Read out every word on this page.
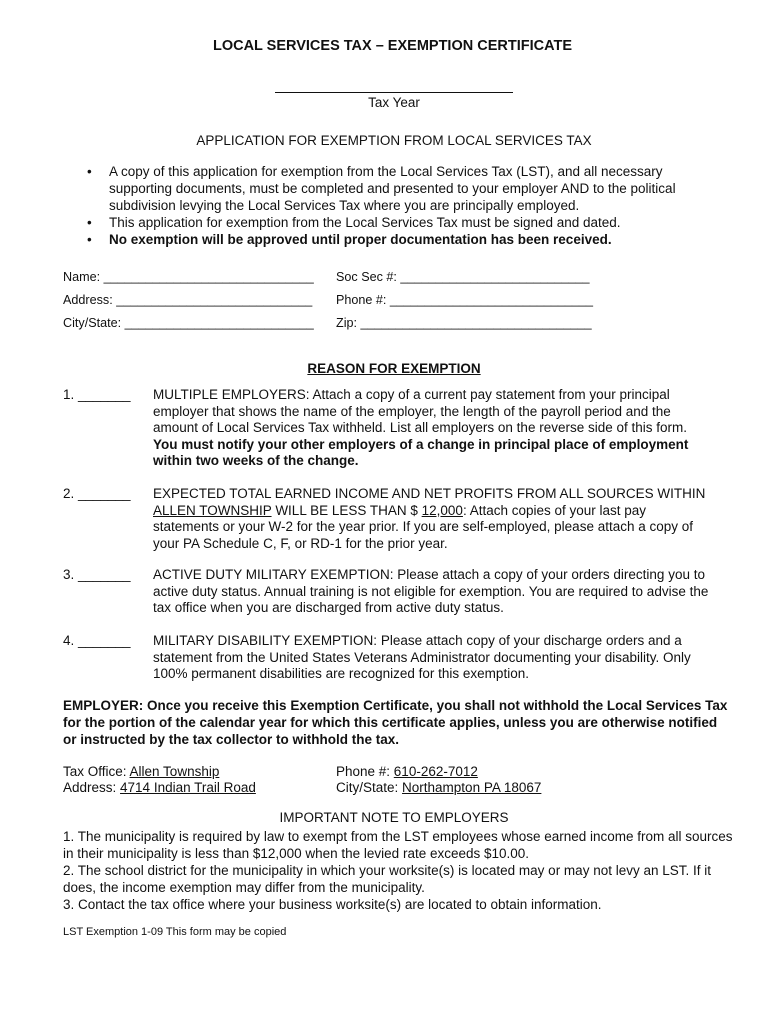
LOCAL SERVICES TAX – EXEMPTION CERTIFICATE
Tax Year
APPLICATION FOR EXEMPTION FROM LOCAL SERVICES TAX
• A copy of this application for exemption from the Local Services Tax (LST), and all necessary supporting documents, must be completed and presented to your employer AND to the political subdivision levying the Local Services Tax where you are principally employed.
• This application for exemption from the Local Services Tax must be signed and dated.
• No exemption will be approved until proper documentation has been received.
Name: ______________________________ Soc Sec #: ___________________________
Address: ____________________________ Phone #: _____________________________
City/State: ___________________________ Zip: _________________________________
REASON FOR EXEMPTION
1. _______ MULTIPLE EMPLOYERS: Attach a copy of a current pay statement from your principal employer that shows the name of the employer, the length of the payroll period and the amount of Local Services Tax withheld. List all employers on the reverse side of this form. You must notify your other employers of a change in principal place of employment within two weeks of the change.
2. _______ EXPECTED TOTAL EARNED INCOME AND NET PROFITS FROM ALL SOURCES WITHIN ALLEN TOWNSHIP WILL BE LESS THAN $ 12,000: Attach copies of your last pay statements or your W-2 for the year prior. If you are self-employed, please attach a copy of your PA Schedule C, F, or RD-1 for the prior year.
3. _______ ACTIVE DUTY MILITARY EXEMPTION: Please attach a copy of your orders directing you to active duty status. Annual training is not eligible for exemption. You are required to advise the tax office when you are discharged from active duty status.
4. _______ MILITARY DISABILITY EXEMPTION: Please attach copy of your discharge orders and a statement from the United States Veterans Administrator documenting your disability. Only 100% permanent disabilities are recognized for this exemption.
EMPLOYER: Once you receive this Exemption Certificate, you shall not withhold the Local Services Tax for the portion of the calendar year for which this certificate applies, unless you are otherwise notified or instructed by the tax collector to withhold the tax.
Tax Office: Allen Township
Address: 4714 Indian Trail Road
Phone #: 610-262-7012
City/State: Northampton PA 18067
IMPORTANT NOTE TO EMPLOYERS
1. The municipality is required by law to exempt from the LST employees whose earned income from all sources in their municipality is less than $12,000 when the levied rate exceeds $10.00.
2. The school district for the municipality in which your worksite(s) is located may or may not levy an LST. If it does, the income exemption may differ from the municipality.
3. Contact the tax office where your business worksite(s) are located to obtain information.
LST Exemption 1-09 This form may be copied
